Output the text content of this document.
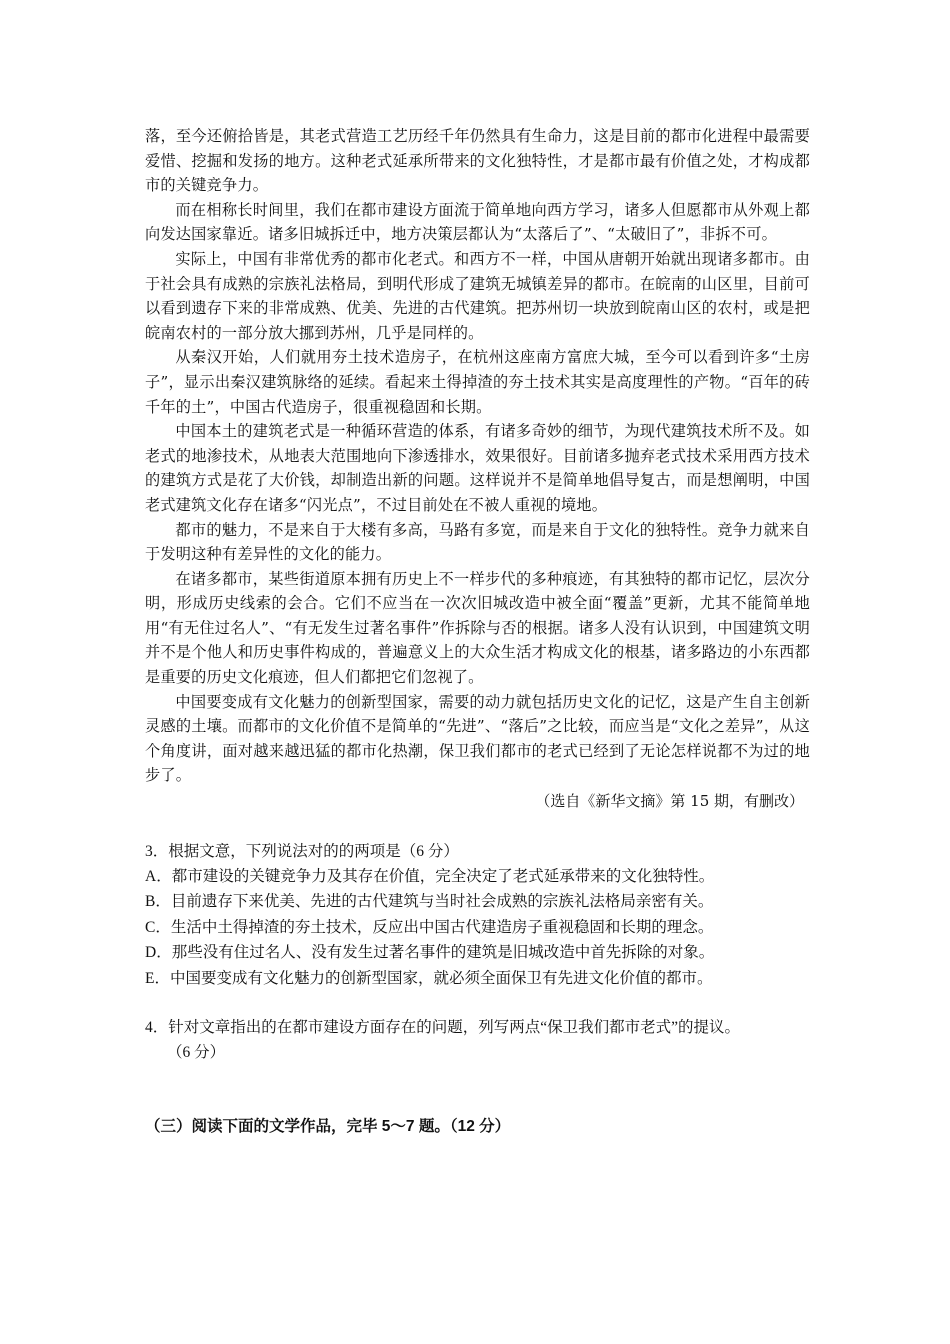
落，至今还俯拾皆是，其老式营造工艺历经千年仍然具有生命力，这是目前的都市化进程中最需要爱惜、挖掘和发扬的地方。这种老式延承所带来的文化独特性，才是都市最有价值之处，才构成都市的关键竞争力。

而在相称长时间里，我们在都市建设方面流于简单地向西方学习，诸多人但愿都市从外观上都向发达国家靠近。诸多旧城拆迁中，地方决策层都认为“太落后了”、“太破旧了”，非拆不可。

实际上，中国有非常优秀的都市化老式。和西方不一样，中国从唐朝开始就出现诸多都市。由于社会具有成熟的宗族礼法格局，到明代形成了建筑无城镇差异的都市。在皖南的山区里，目前可以看到遗存下来的非常成熟、优美、先进的古代建筑。把苏州切一块放到皖南山区的农村，或是把皖南农村的一部分放大挪到苏州，几乎是同样的。

从秦汉开始，人们就用夯土技术造房子，在杭州这座南方富庶大城，至今可以看到许多“土房子”，显示出秦汉建筑脉络的延续。看起来土得掉渣的夯土技术其实是高度理性的产物。“百年的砖千年的土”，中国古代造房子，很重视稳固和长期。

中国本土的建筑老式是一种循环营造的体系，有诸多奇妙的细节，为现代建筑技术所不及。如老式的地渗技术，从地表大范围地向下渗透排水，效果很好。目前诸多抛弃老式技术采用西方技术的建筑方式是花了大价钱，却制造出新的问题。这样说并不是简单地倡导复古，而是想阐明，中国老式建筑文化存在诸多“闪光点”，不过目前处在不被人重视的境地。

都市的魅力，不是来自于大楼有多高，马路有多宽，而是来自于文化的独特性。竞争力就来自于发明这种有差异性的文化的能力。

在诸多都市，某些街道原本拥有历史上不一样步代的多种痕迹，有其独特的都市记忆，层次分明，形成历史线索的会合。它们不应当在一次次旧城改造中被全面“覆盖”更新，尤其不能简单地用“有无住过名人”、“有无发生过著名事件”作拆除与否的根据。诸多人没有认识到，中国建筑文明并不是个他人和历史事件构成的，普遍意义上的大众生活才构成文化的根基，诸多路边的小东西都是重要的历史文化痕迹，但人们都把它们忽视了。

中国要变成有文化魅力的创新型国家，需要的动力就包括历史文化的记忆，这是产生自主创新灵感的土壤。而都市的文化价值不是简单的“先进”、“落后”之比较，而应当是“文化之差异”，从这个角度讲，面对越来越迅猛的都市化热潮，保卫我们都市的老式已经到了无论怎样说都不为过的地步了。

（选自《新华文摘》第 15 期，有删改）
3．根据文意，下列说法对的的两项是（6 分）
A．都市建设的关键竞争力及其存在价值，完全决定了老式延承带来的文化独特性。
B．目前遗存下来优美、先进的古代建筑与当时社会成熟的宗族礼法格局亲密有关。
C．生活中土得掉渣的夯土技术，反应出中国古代建造房子重视稳固和长期的理念。
D．那些没有住过名人、没有发生过著名事件的建筑是旧城改造中首先拆除的对象。
E．中国要变成有文化魅力的创新型国家，就必须全面保卫有先进文化价值的都市。
4．针对文章指出的在都市建设方面存在的问题，列写两点“保卫我们都市老式”的提议。
（6 分）
（三）阅读下面的文学作品，完毕 5～7 题。（12 分）
